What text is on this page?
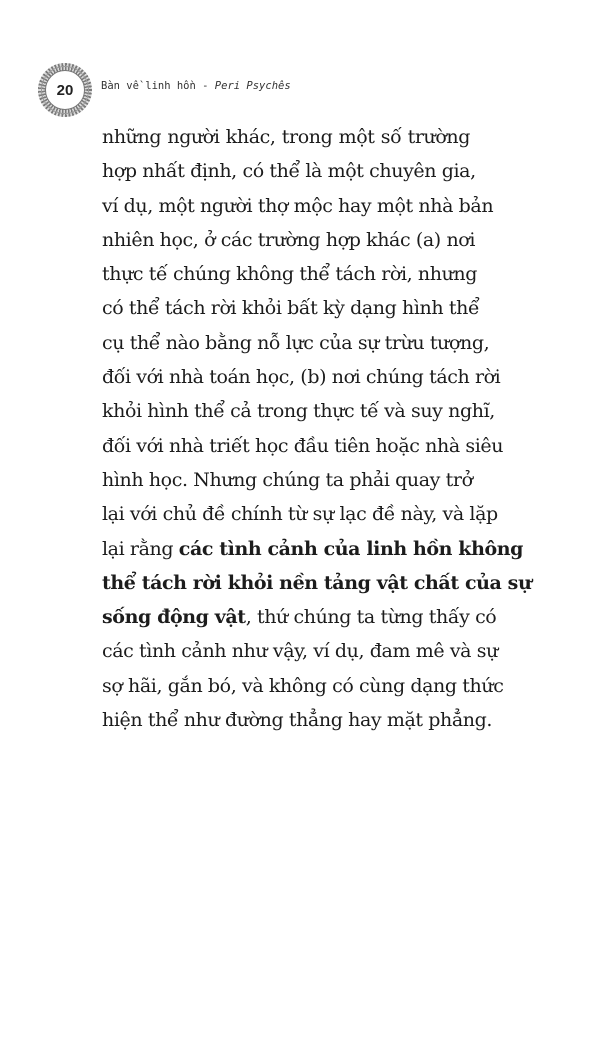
20	Bàn về linh hồn - Peri Psychês
những người khác, trong một số trường
hợp nhất định, có thể là một chuyên gia,
ví dụ, một người thợ mộc hay một nhà bản
nhiên học, ở các trường hợp khác (a) nơi
thực tế chúng không thể tách rời, nhưng
có thể tách rời khỏi bất kỳ dạng hình thể
cụ thể nào bằng nỗ lực của sự trừu tượng,
đối với nhà toán học, (b) nơi chúng tách rời
khỏi hình thể cả trong thực tế và suy nghĩ,
đối với nhà triết học đầu tiên hoặc nhà siêu
hình học. Nhưng chúng ta phải quay trở
lại với chủ đề chính từ sự lạc đề này, và lặp
lại rằng các tình cảnh của linh hồn không
thể tách rời khỏi nền tảng vật chất của sự
sống động vật, thứ chúng ta từng thấy có
các tình cảnh như vậy, ví dụ, đam mê và sự
sợ hãi, gắn bó, và không có cùng dạng thức
hiện thể như đường thẳng hay mặt phẳng.
